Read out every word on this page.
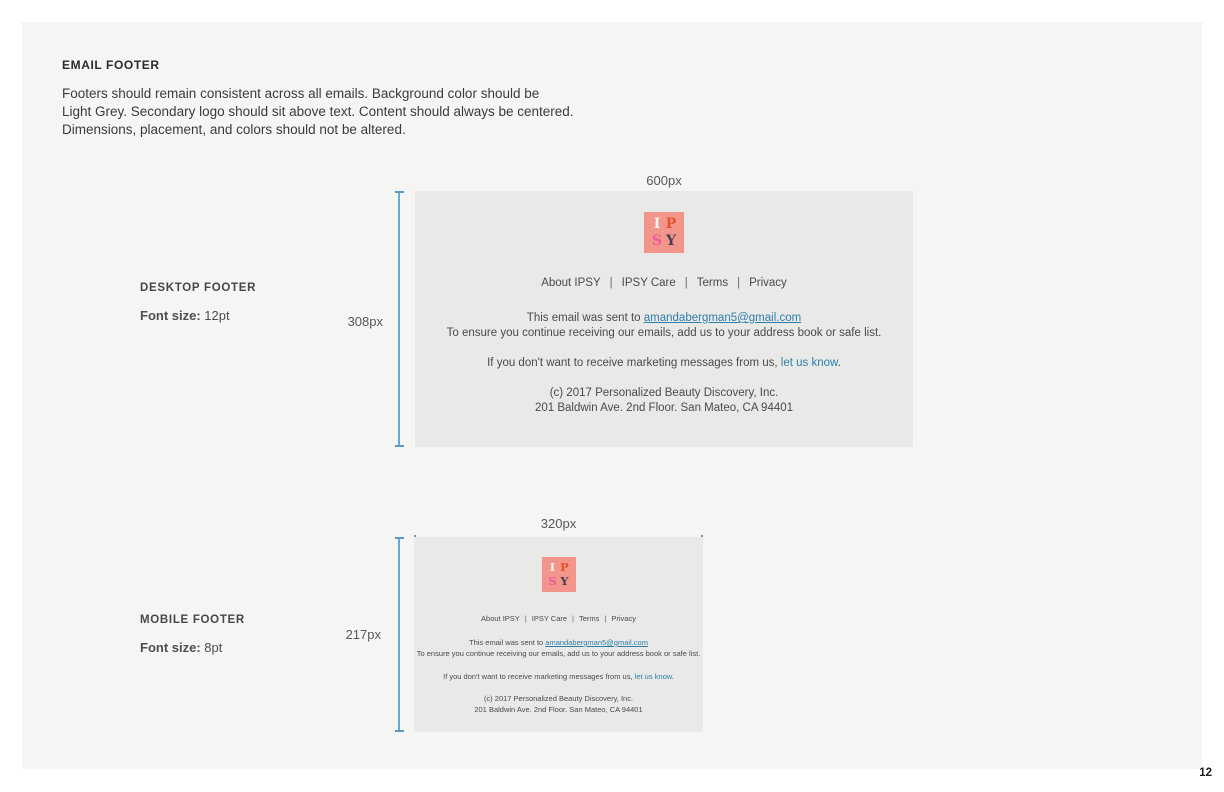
EMAIL FOOTER
Footers should remain consistent across all emails. Background color should be
Light Grey. Secondary logo should sit above text. Content should always be centered.
Dimensions, placement, and colors should not be altered.
600px
308px
DESKTOP FOOTER
Font size: 12pt
I P
S Y
About IPSY | IPSY Care | Terms | Privacy
This email was sent to amandabergman5@gmail.com
To ensure you continue receiving our emails, add us to your address book or safe list.
If you don't want to receive marketing messages from us, let us know.
(c) 2017 Personalized Beauty Discovery, Inc.
201 Baldwin Ave. 2nd Floor. San Mateo, CA 94401
320px
217px
MOBILE FOOTER
Font size: 8pt
I P
S Y
About IPSY | IPSY Care | Terms | Privacy
This email was sent to amandabergman5@gmail.com
To ensure you continue receiving our emails, add us to your address book or safe list.
If you don't want to receive marketing messages from us, let us know.
(c) 2017 Personalized Beauty Discovery, Inc.
201 Baldwin Ave. 2nd Floor. San Mateo, CA 94401
12
